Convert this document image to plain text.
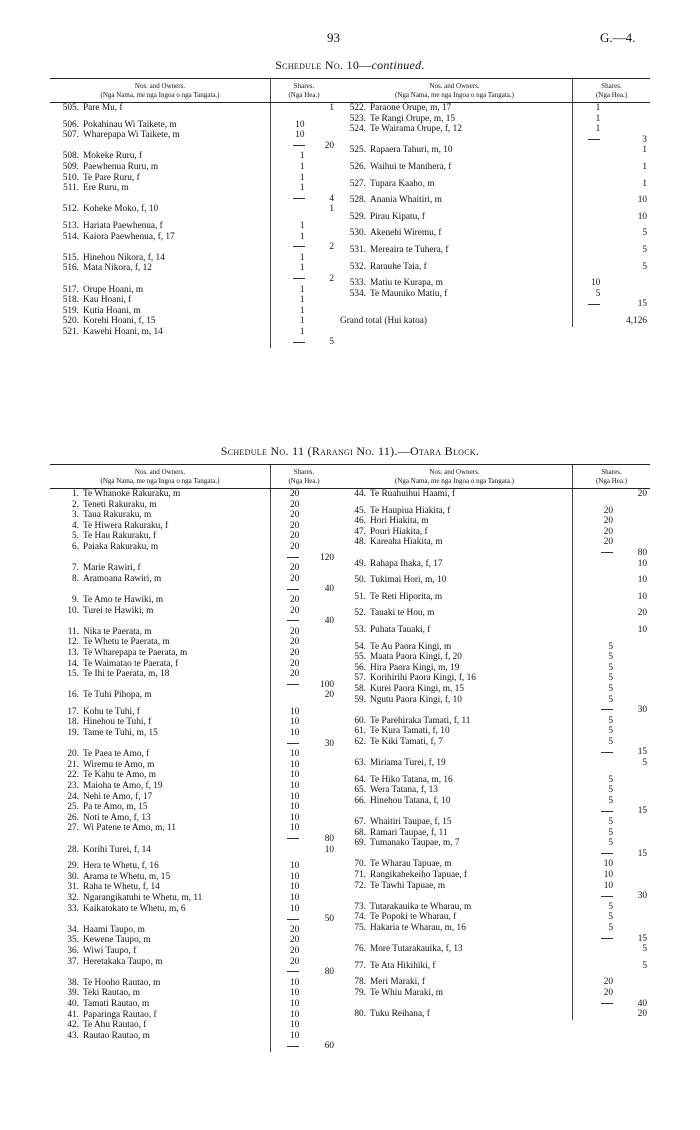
93	G.—4.
Schedule No. 10—continued.
Nos. and Owners.
(Nga Nama, me nga Ingoa o nga Tangata.)	Shares.
(Nga Hea.)	
505. Pare Mu, f		1

506. Pokahinau Wi Taikete, m	10	
507. Wharepapa Wi Taikete, m	10	
		20
508. Mokeke Ruru, f	1	
509. Paewhenua Ruru, m	1	
510. Te Pare Ruru, f	1	
511. Ere Ruru, m	1	
		4
512. Koheke Moko, f, 10		1

513. Hariata Paewhenua, f	1	
514. Kaiora Paewhenua, f, 17	1	
		2
515. Hinehou Nikora, f, 14	1	
516. Mata Nikora, f, 12	1	
		2
517. Orupe Hoani, m	1	
518. Kau Hoani, f	1	
519. Kutia Hoani, m	1	
520. Korehi Hoani, f, 15	1	
521. Kawehi Hoani, m, 14	1	
		5
Nos. and Owners.
(Nga Nama, me nga Ingoa o nga Tangata.)	Shares.
(Nga Hea.)	
522. Paraone Orupe, m, 17	1	
523. Te Rangi Orupe, m, 15	1	
524. Te Wairama Orupe, f, 12	1	
		3
525. Rapaera Tahuri, m, 10		1

526. Waihui te Manihera, f		1

527. Tupara Kaaho, m		1

528. Anania Whaitiri, m		10

529. Pirau Kipatu, f		10

530. Akenehi Wiremu, f		5

531. Mereaira te Tuhera, f		5

532. Rarauhe Taia, f		5

533. Matiu te Kurapa, m	10	
534. Te Mauniko Matiu, f	5	
		15

Grand total (Hui katoa)		4,126
Schedule No. 11 (Rarangi No. 11).—Otara Block.
Nos. and Owners.
(Nga Nama, me nga Ingoa o nga Tangata.)	Shares.
(Nga Hea.)	
1. Te Whanoke Rakuraku, m	20	
2. Teneti Rakuraku, m	20	
3. Taua Rakuraku, m	20	
4. Te Hiwera Rakuraku, f	20	
5. Te Hau Rakuraku, f	20	
6. Paiaka Rakuraku, m	20	
		120
7. Marie Rawiri, f	20	
8. Aramoana Rawiri, m	20	
		40
9. Te Amo te Hawiki, m	20	
10. Turei te Hawiki, m	20	
		40
11. Nika te Paerata, m	20	
12. Te Whetu te Paerata, m	20	
13. Te Wharepapa te Paerata, m	20	
14. Te Waimatao te Paerata, f	20	
15. Te Ihi te Paerata, m, 18	20	
		100
16. Te Tuhi Pihopa, m		20

17. Kohu te Tuhi, f	10	
18. Hinehou te Tuhi, f	10	
19. Tame te Tuhi, m, 15	10	
		30
20. Te Paea te Amo, f	10	
21. Wiremu te Amo, m	10	
22. Te Kahu te Amo, m	10	
23. Maioha te Amo, f, 19	10	
24. Nehi te Amo, f, 17	10	
25. Pa te Amo, m, 15	10	
26. Noti te Amo, f, 13	10	
27. Wi Patene te Amo, m, 11	10	
		80
28. Korihi Turei, f, 14		10

29. Hera te Whetu, f, 16	10	
30. Arama te Whetu, m, 15	10	
31. Raha te Whetu, f, 14	10	
32. Ngarangikatuhi te Whetu, m, 11	10	
33. Kaikatokato te Whetu, m, 6	10	
		50
34. Haami Taupo, m	20	
35. Kewene Taupo, m	20	
36. Wiwi Taupo, f	20	
37. Heretakaka Taupo, m	20	
		80
38. Te Hooho Rautao, m	10	
39. Teki Rautao, m	10	
40. Tamati Rautao, m	10	
41. Paparinga Rautao, f	10	
42. Te Ahu Rautao, f	10	
43. Rautao Rautao, m	10	
		60
Nos. and Owners.
(Nga Nama, me nga Ingoa o nga Tangata.)	Shares.
(Nga Hea.)	
44. Te Ruahuihui Haami, f		20

45. Te Haupiua Hiakita, f	20	
46. Hori Hiakita, m	20	
47. Pouri Hiakita, f	20	
48. Kareaha Hiakita, m	20	
		80
49. Rahapa Ihaka, f, 17		10

50. Tukimai Hori, m, 10		10

51. Te Reti Hiporita, m		10

52. Tauaki te Hou, m		20

53. Puhata Tauaki, f		10

54. Te Au Paora Kingi, m	5	
55. Maata Paora Kingi, f, 20	5	
56. Hira Paora Kingi, m, 19	5	
57. Korihirihi Paora Kingi, f, 16	5	
58. Kurei Paora Kingi, m, 15	5	
59. Ngutu Paora Kingi, f, 10	5	
		30
60. Te Parehiraka Tamati, f, 11	5	
61. Te Kura Tamati, f, 10	5	
62. Te Kiki Tamati, f, 7	5	
		15
63. Miriama Turei, f, 19		5

64. Te Hiko Tatana, m, 16	5	
65. Wera Tatana, f, 13	5	
66. Hinehou Tatana, f, 10	5	
		15
67. Whaitiri Taupae, f, 15	5	
68. Ramari Taupae, f, 11	5	
69. Tumanako Taupae, m, 7	5	
		15
70. Te Wharau Tapuae, m	10	
71. Rangikahekeiho Tapuae, f	10	
72. Te Tawhi Tapuae, m	10	
		30
73. Tutarakauika te Wharau, m	5	
74. Te Popoki te Wharau, f	5	
75. Hakaria te Wharau, m, 16	5	
		15
76. More Tutarakauika, f, 13		5

77. Te Ata Hikihiki, f		5

78. Meri Maraki, f	20	
79. Te Whiu Maraki, m	20	
		40
80. Tuku Reihana, f		20
